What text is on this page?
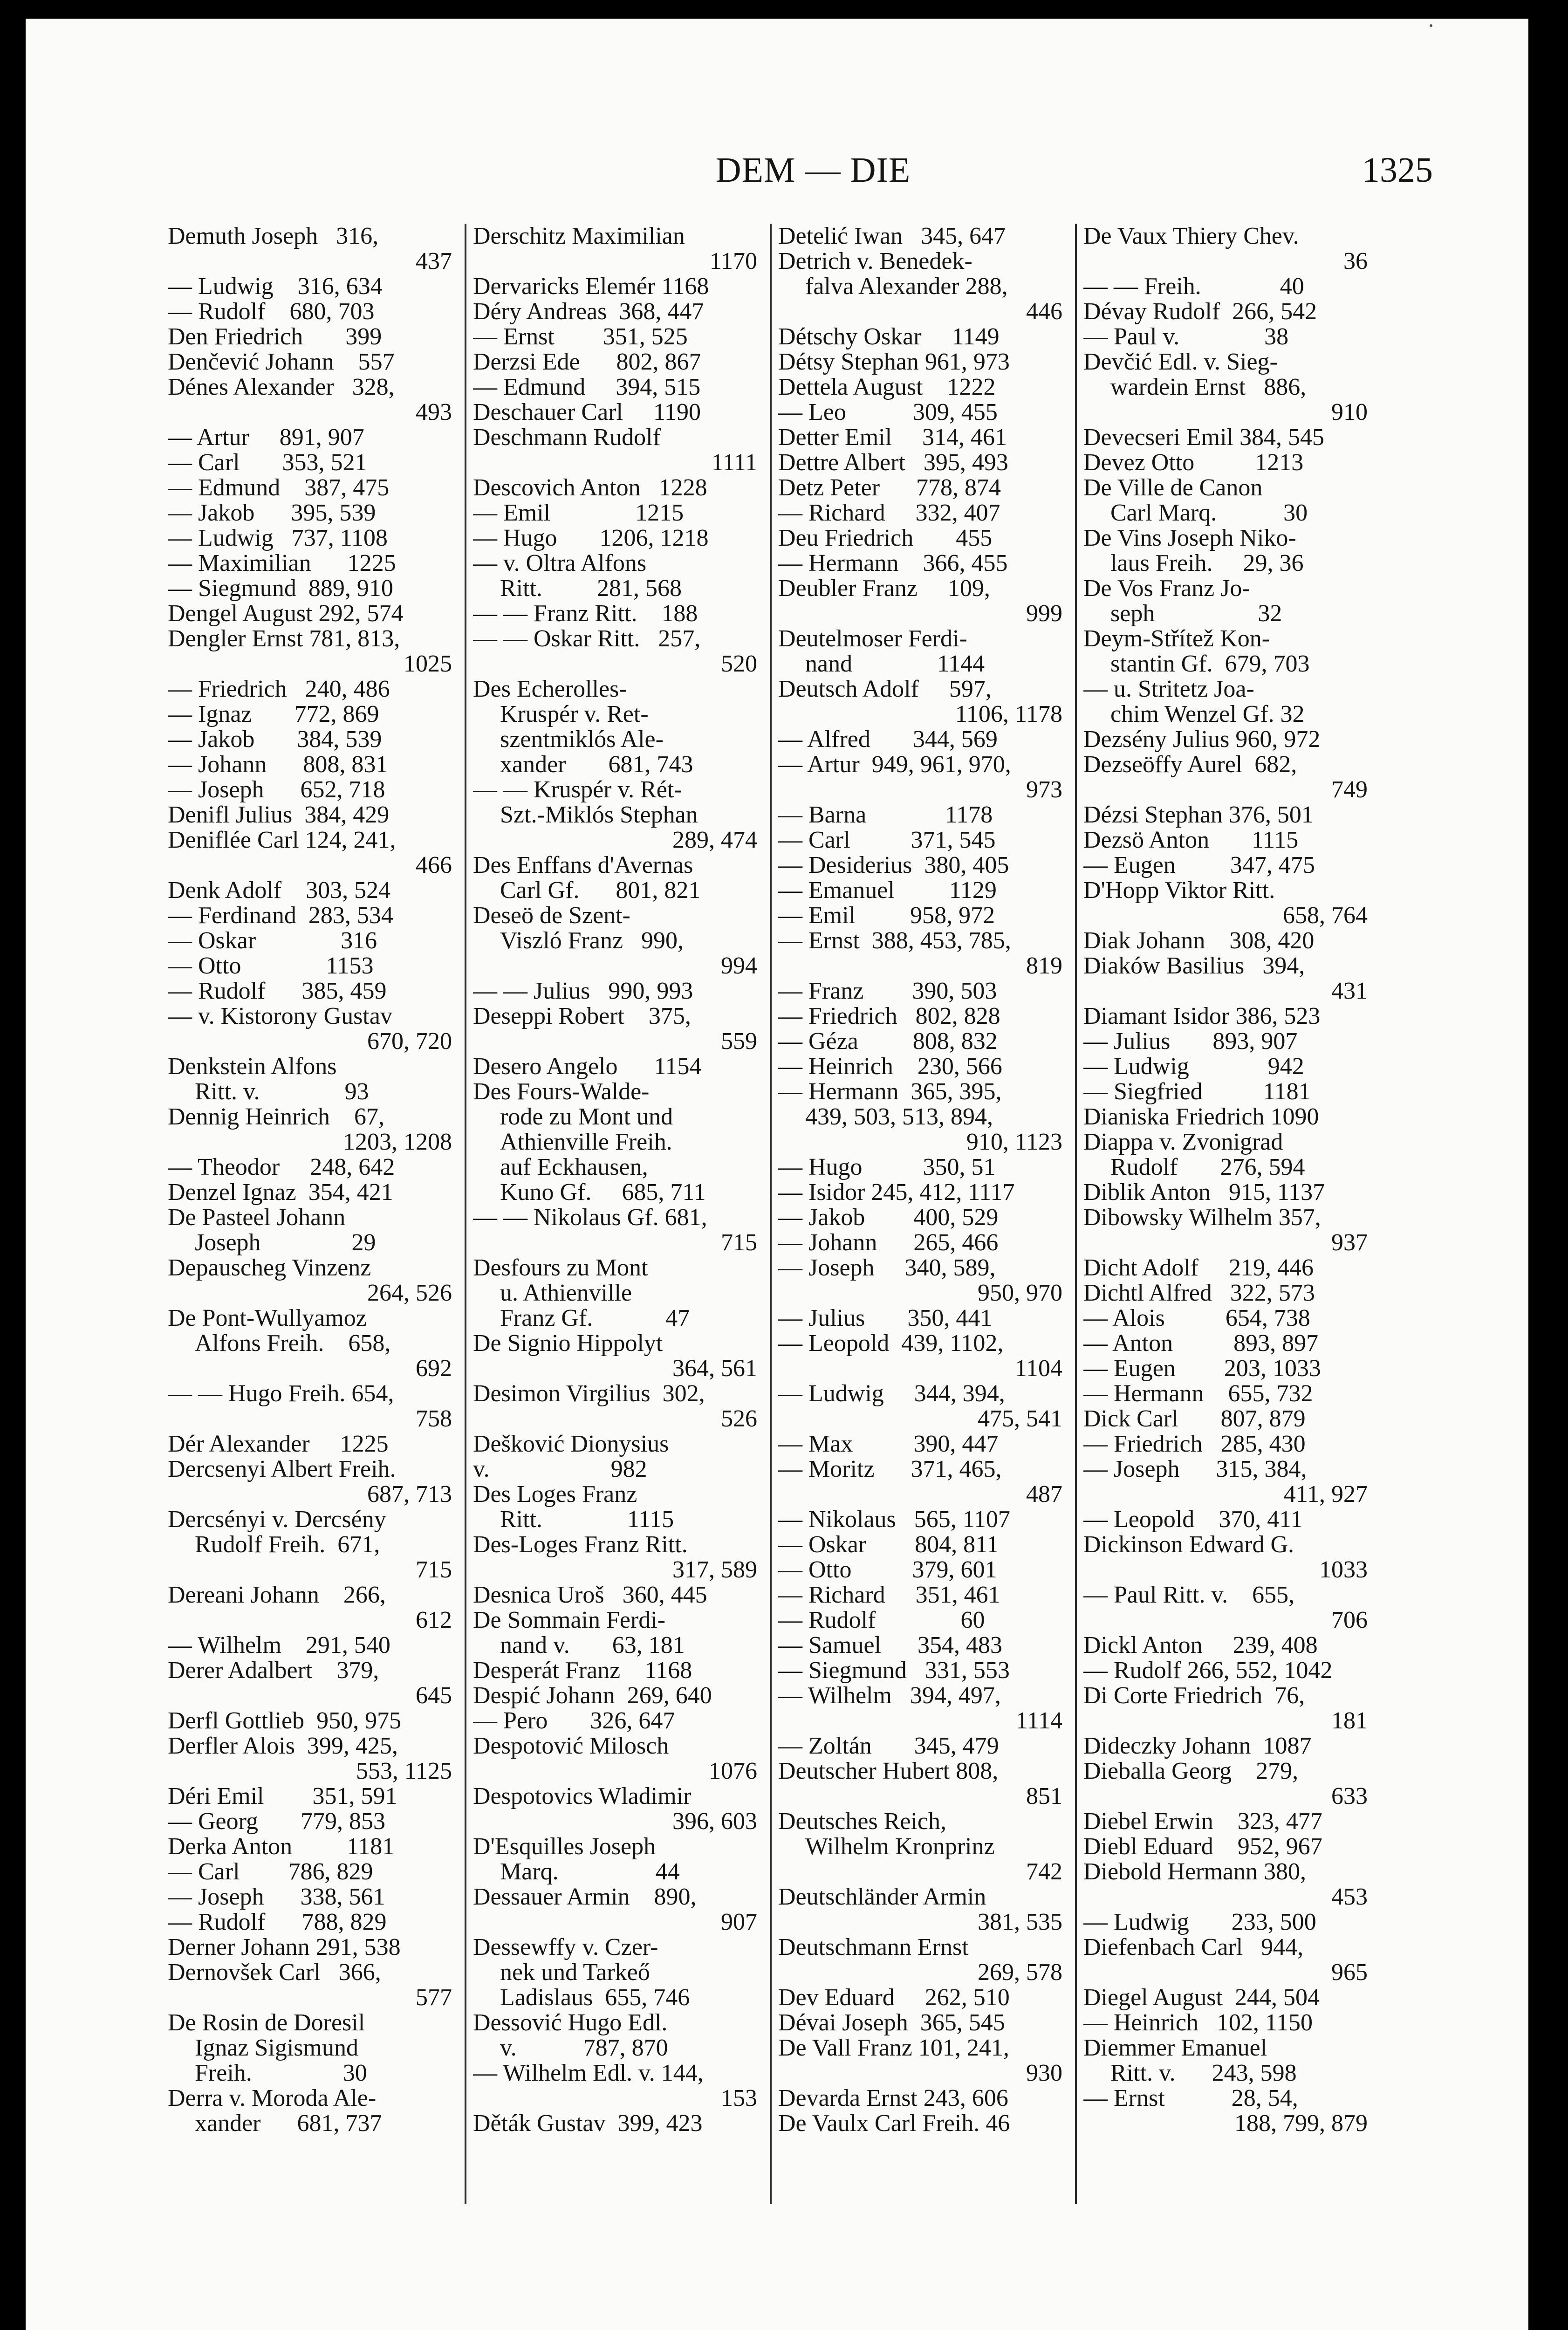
DEM — DIE	1325
Demuth Joseph   316,
437
— Ludwig    316, 634
— Rudolf    680, 703
Den Friedrich       399
Denčević Johann    557
Dénes Alexander   328,
493
— Artur     891, 907
— Carl       353, 521
— Edmund    387, 475
— Jakob      395, 539
— Ludwig   737, 1108
— Maximilian      1225
— Siegmund  889, 910
Dengel August 292, 574
Dengler Ernst 781, 813,
1025
— Friedrich   240, 486
— Ignaz       772, 869
— Jakob       384, 539
— Johann      808, 831
— Joseph      652, 718
Denifl Julius  384, 429
Deniflée Carl 124, 241,
466
Denk Adolf    303, 524
— Ferdinand  283, 534
— Oskar              316
— Otto              1153
— Rudolf      385, 459
— v. Kistorony Gustav
670, 720
Denkstein Alfons
Ritt. v.              93
Dennig Heinrich    67,
1203, 1208
— Theodor     248, 642
Denzel Ignaz  354, 421
De Pasteel Johann
Joseph               29
Depauscheg Vinzenz
264, 526
De Pont-Wullyamoz
Alfons Freih.    658,
692
— — Hugo Freih. 654,
758
Dér Alexander     1225
Dercsenyi Albert Freih.
687, 713
Dercsényi v. Dercsény
Rudolf Freih.  671,
715
Dereani Johann    266,
612
— Wilhelm    291, 540
Derer Adalbert    379,
645
Derfl Gottlieb  950, 975
Derfler Alois  399, 425,
553, 1125
Déri Emil        351, 591
— Georg       779, 853
Derka Anton         1181
— Carl        786, 829
— Joseph      338, 561
— Rudolf      788, 829
Derner Johann 291, 538
Dernovšek Carl   366,
577
De Rosin de Doresil
Ignaz Sigismund
Freih.               30
Derra v. Moroda Ale-
xander      681, 737
Derschitz Maximilian
1170
Dervaricks Elemér 1168
Déry Andreas  368, 447
— Ernst        351, 525
Derzsi Ede      802, 867
— Edmund     394, 515
Deschauer Carl     1190
Deschmann Rudolf
1111
Descovich Anton   1228
— Emil              1215
— Hugo       1206, 1218
— v. Oltra Alfons
Ritt.         281, 568
— — Franz Ritt.    188
— — Oskar Ritt.   257,
520
Des Echerolles-
Kruspér v. Ret-
szentmiklós Ale-
xander       681, 743
— — Kruspér v. Rét-
Szt.-Miklós Stephan
289, 474
Des Enffans d'Avernas
Carl Gf.      801, 821
Deseö de Szent-
Viszló Franz   990,
994
— — Julius   990, 993
Deseppi Robert    375,
559
Desero Angelo      1154
Des Fours-Walde-
rode zu Mont und
Athienville Freih.
auf Eckhausen,
Kuno Gf.     685, 711
— — Nikolaus Gf. 681,
715
Desfours zu Mont
u. Athienville
Franz Gf.            47
De Signio Hippolyt
364, 561
Desimon Virgilius  302,
526
Dešković Dionysius
v.                    982
Des Loges Franz
Ritt.              1115
Des-Loges Franz Ritt.
317, 589
Desnica Uroš   360, 445
De Sommain Ferdi-
nand v.       63, 181
Desperát Franz    1168
Despić Johann  269, 640
— Pero       326, 647
Despotović Milosch
1076
Despotovics Wladimir
396, 603
D'Esquilles Joseph
Marq.                44
Dessauer Armin    890,
907
Dessewffy v. Czer-
nek und Tarkeő
Ladislaus  655, 746
Dessović Hugo Edl.
v.           787, 870
— Wilhelm Edl. v. 144,
153
Děták Gustav  399, 423
Detelić Iwan   345, 647
Detrich v. Benedek-
falva Alexander 288,
446
Détschy Oskar     1149
Détsy Stephan 961, 973
Dettela August    1222
— Leo           309, 455
Detter Emil     314, 461
Dettre Albert   395, 493
Detz Peter      778, 874
— Richard     332, 407
Deu Friedrich       455
— Hermann    366, 455
Deubler Franz     109,
999
Deutelmoser Ferdi-
nand              1144
Deutsch Adolf     597,
1106, 1178
— Alfred       344, 569
— Artur  949, 961, 970,
973
— Barna             1178
— Carl          371, 545
— Desiderius  380, 405
— Emanuel         1129
— Emil         958, 972
— Ernst  388, 453, 785,
819
— Franz        390, 503
— Friedrich   802, 828
— Géza         808, 832
— Heinrich    230, 566
— Hermann  365, 395,
439, 503, 513, 894,
910, 1123
— Hugo          350, 51
— Isidor 245, 412, 1117
— Jakob        400, 529
— Johann      265, 466
— Joseph     340, 589,
950, 970
— Julius       350, 441
— Leopold  439, 1102,
1104
— Ludwig     344, 394,
475, 541
— Max          390, 447
— Moritz      371, 465,
487
— Nikolaus   565, 1107
— Oskar        804, 811
— Otto          379, 601
— Richard     351, 461
— Rudolf              60
— Samuel      354, 483
— Siegmund   331, 553
— Wilhelm   394, 497,
1114
— Zoltán       345, 479
Deutscher Hubert 808,
851
Deutsches Reich,
Wilhelm Kronprinz
742
Deutschländer Armin
381, 535
Deutschmann Ernst
269, 578
Dev Eduard     262, 510
Dévai Joseph  365, 545
De Vall Franz 101, 241,
930
Devarda Ernst 243, 606
De Vaulx Carl Freih. 46
De Vaux Thiery Chev.
36
— — Freih.             40
Dévay Rudolf  266, 542
— Paul v.              38
Devčić Edl. v. Sieg-
wardein Ernst   886,
910
Devecseri Emil 384, 545
Devez Otto          1213
De Ville de Canon
Carl Marq.           30
De Vins Joseph Niko-
laus Freih.     29, 36
De Vos Franz Jo-
seph                 32
Deym-Střítež Kon-
stantin Gf.  679, 703
— u. Stritetz Joa-
chim Wenzel Gf. 32
Dezsény Julius 960, 972
Dezseöffy Aurel  682,
749
Dézsi Stephan 376, 501
Dezsö Anton       1115
— Eugen         347, 475
D'Hopp Viktor Ritt.
658, 764
Diak Johann    308, 420
Diaków Basilius   394,
431
Diamant Isidor 386, 523
— Julius       893, 907
— Ludwig             942
— Siegfried          1181
Dianiska Friedrich 1090
Diappa v. Zvonigrad
Rudolf       276, 594
Diblik Anton   915, 1137
Dibowsky Wilhelm 357,
937
Dicht Adolf     219, 446
Dichtl Alfred   322, 573
— Alois          654, 738
— Anton          893, 897
— Eugen        203, 1033
— Hermann    655, 732
Dick Carl       807, 879
— Friedrich   285, 430
— Joseph      315, 384,
411, 927
— Leopold    370, 411
Dickinson Edward G.
1033
— Paul Ritt. v.    655,
706
Dickl Anton     239, 408
— Rudolf 266, 552, 1042
Di Corte Friedrich  76,
181
Dideczky Johann  1087
Dieballa Georg    279,
633
Diebel Erwin    323, 477
Diebl Eduard    952, 967
Diebold Hermann 380,
453
— Ludwig       233, 500
Diefenbach Carl   944,
965
Diegel August  244, 504
— Heinrich   102, 1150
Diemmer Emanuel
Ritt. v.      243, 598
— Ernst           28, 54,
188, 799, 879
